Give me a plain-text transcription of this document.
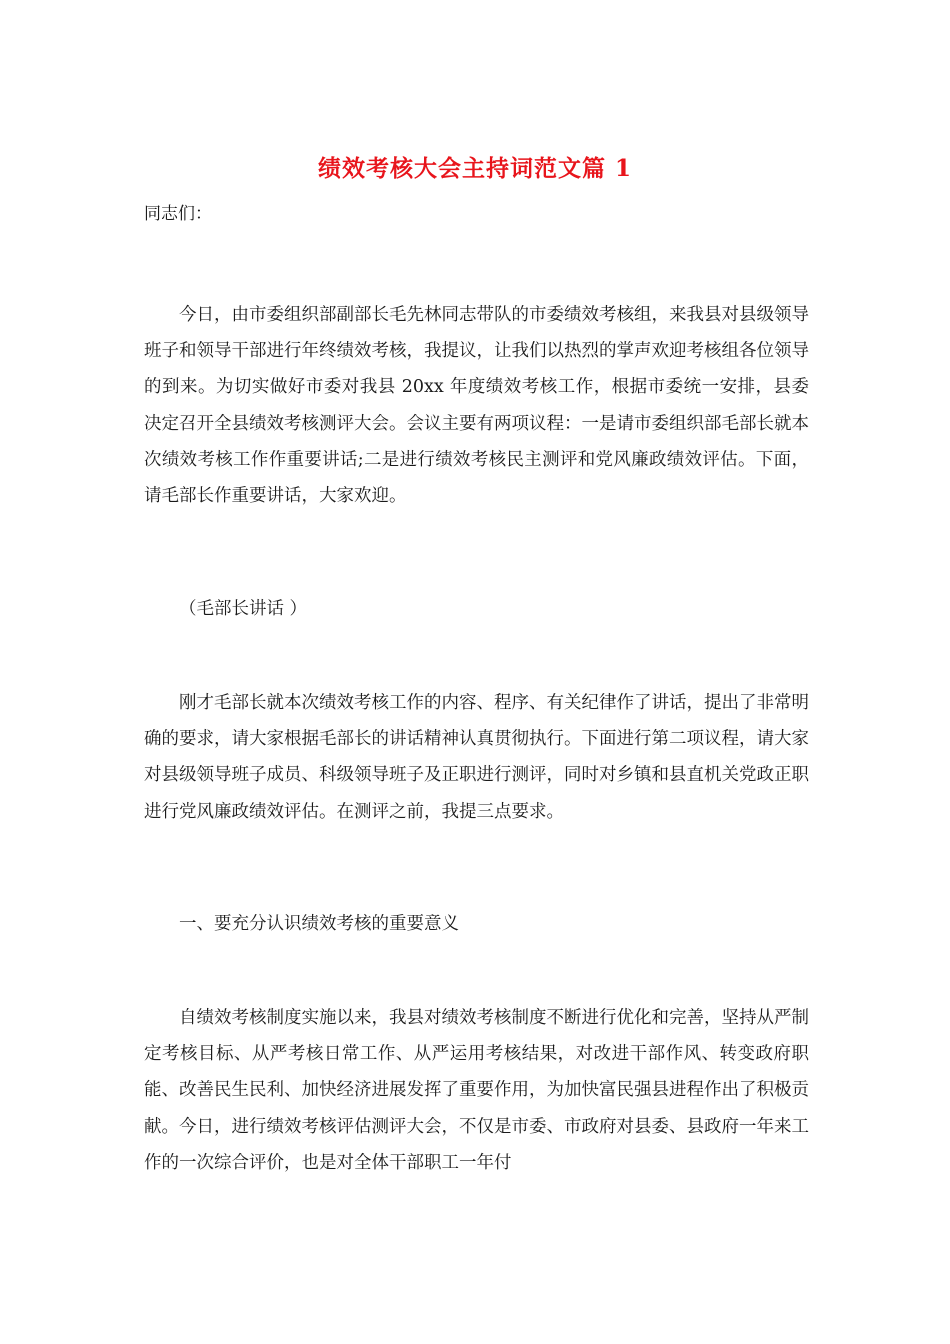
绩效考核大会主持词范文篇 1
同志们：

今日，由市委组织部副部长毛先林同志带队的市委绩效考核组，来我县对县级领导班子和领导干部进行年终绩效考核，我提议，让我们以热烈的掌声欢迎考核组各位领导的到来。为切实做好市委对我县 20xx 年度绩效考核工作，根据市委统一安排，县委决定召开全县绩效考核测评大会。会议主要有两项议程：一是请市委组织部毛部长就本次绩效考核工作作重要讲话;二是进行绩效考核民主测评和党风廉政绩效评估。下面，请毛部长作重要讲话，大家欢迎。

（毛部长讲话 ）

刚才毛部长就本次绩效考核工作的内容、程序、有关纪律作了讲话，提出了非常明确的要求，请大家根据毛部长的讲话精神认真贯彻执行。下面进行第二项议程，请大家对县级领导班子成员、科级领导班子及正职进行测评，同时对乡镇和县直机关党政正职进行党风廉政绩效评估。在测评之前，我提三点要求。

一、要充分认识绩效考核的重要意义

自绩效考核制度实施以来，我县对绩效考核制度不断进行优化和完善，坚持从严制定考核目标、从严考核日常工作、从严运用考核结果，对改进干部作风、转变政府职能、改善民生民利、加快经济进展发挥了重要作用，为加快富民强县进程作出了积极贡献。今日，进行绩效考核评估测评大会，不仅是市委、市政府对县委、县政府一年来工作的一次综合评价，也是对全体干部职工一年付
